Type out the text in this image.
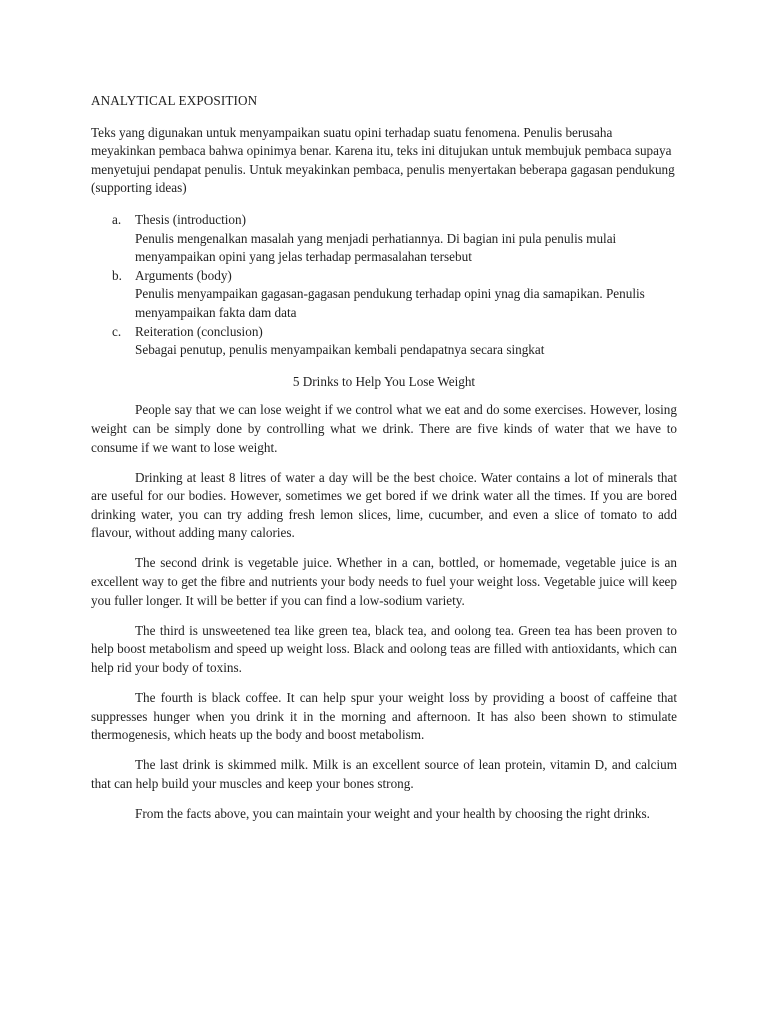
ANALYTICAL EXPOSITION

Teks yang digunakan untuk menyampaikan suatu opini terhadap suatu fenomena. Penulis berusaha meyakinkan pembaca bahwa opinimya benar. Karena itu, teks ini ditujukan untuk membujuk pembaca supaya menyetujui pendapat penulis. Untuk meyakinkan pembaca, penulis menyertakan beberapa gagasan pendukung (supporting ideas)

a.	Thesis (introduction)
Penulis mengenalkan masalah yang menjadi perhatiannya. Di bagian ini pula penulis mulai menyampaikan opini yang jelas terhadap permasalahan tersebut
b. Arguments (body)
Penulis menyampaikan gagasan-gagasan pendukung terhadap opini ynag dia samapikan. Penulis menyampaikan fakta dam data
c.	Reiteration (conclusion)
Sebagai penutup, penulis menyampaikan kembali pendapatnya secara singkat
5 Drinks to Help You Lose Weight

People say that we can lose weight if we control what we eat and do some exercises. However, losing weight can be simply done by controlling what we drink. There are five kinds of water that we have to consume if we want to lose weight.

Drinking at least 8 litres of water a day will be the best choice. Water contains a lot of minerals that are useful for our bodies. However, sometimes we get bored if we drink water all the times. If you are bored drinking water, you can try adding fresh lemon slices, lime, cucumber, and even a slice of tomato to add flavour, without adding many calories.

The second drink is vegetable juice. Whether in a can, bottled, or homemade, vegetable juice is an excellent way to get the fibre and nutrients your body needs to fuel your weight loss. Vegetable juice will keep you fuller longer. It will be better if you can find a low-sodium variety.

The third is unsweetened tea like green tea, black tea, and oolong tea. Green tea has been proven to help boost metabolism and speed up weight loss. Black and oolong teas are filled with antioxidants, which can help rid your body of toxins.

The fourth is black coffee. It can help spur your weight loss by providing a boost of caffeine that suppresses hunger when you drink it in the morning and afternoon. It has also been shown to stimulate thermogenesis, which heats up the body and boost metabolism.

The last drink is skimmed milk. Milk is an excellent source of lean protein, vitamin D, and calcium that can help build your muscles and keep your bones strong.

From the facts above, you can maintain your weight and your health by choosing the right drinks.
